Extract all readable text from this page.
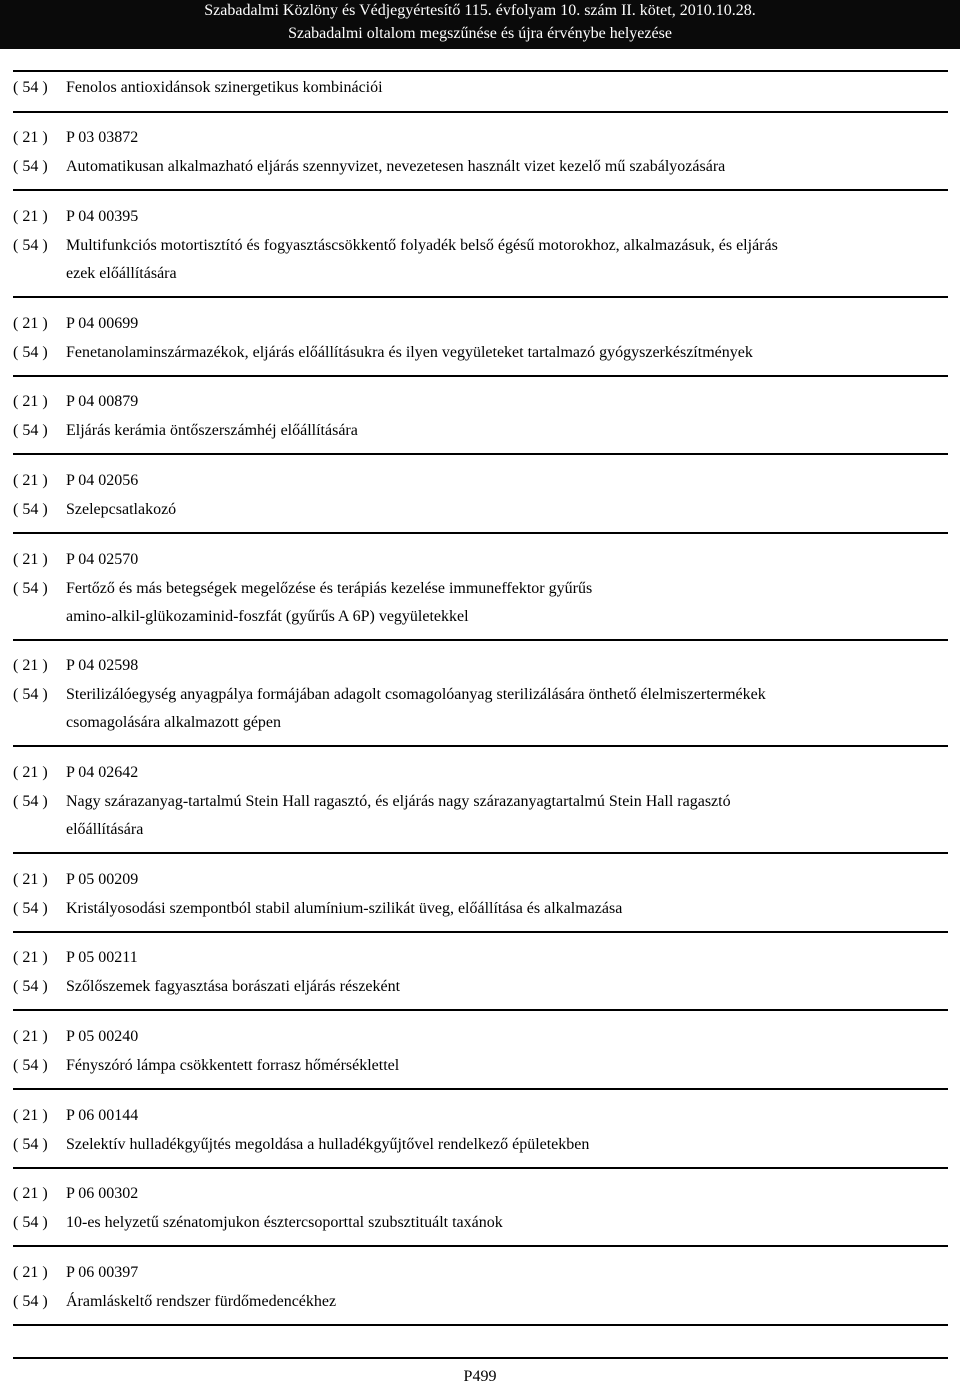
Szabadalmi Közlöny és Védjegyértesítő 115. évfolyam 10. szám II. kötet, 2010.10.28.
Szabadalmi oltalom megszűnése és újra érvénybe helyezése
( 54 ) Fenolos antioxidánsok szinergetikus kombinációi
( 21 ) P 03 03872
( 54 ) Automatikusan alkalmazható eljárás szennyvizet, nevezetesen használt vizet kezelő mű szabályozására
( 21 ) P 04 00395
( 54 ) Multifunkciós motortisztító és fogyasztáscsökkentő folyadék belső égésű motorokhoz, alkalmazásuk, és eljárás
ezek előállítására
( 21 ) P 04 00699
( 54 ) Fenetanolaminszármazékok, eljárás előállításukra és ilyen vegyületeket tartalmazó gyógyszerkészítmények
( 21 ) P 04 00879
( 54 ) Eljárás kerámia öntőszerszámhéj előállítására
( 21 ) P 04 02056
( 54 ) Szelepcsatlakozó
( 21 ) P 04 02570
( 54 ) Fertőző és más betegségek megelőzése és terápiás kezelése immuneffektor gyűrűs
amino-alkil-glükozaminid-foszfát (gyűrűs A 6P) vegyületekkel
( 21 ) P 04 02598
( 54 ) Sterilizálóegység anyagpálya formájában adagolt csomagolóanyag sterilizálására önthető élelmiszertermékek
csomagolására alkalmazott gépen
( 21 ) P 04 02642
( 54 ) Nagy szárazanyag-tartalmú Stein Hall ragasztó, és eljárás nagy szárazanyagtartalmú Stein Hall ragasztó
előállítására
( 21 ) P 05 00209
( 54 ) Kristályosodási szempontból stabil alumínium-szilikát üveg, előállítása és alkalmazása
( 21 ) P 05 00211
( 54 ) Szőlőszemek fagyasztása borászati eljárás részeként
( 21 ) P 05 00240
( 54 ) Fényszóró lámpa csökkentett forrasz hőmérséklettel
( 21 ) P 06 00144
( 54 ) Szelektív hulladékgyűjtés megoldása a hulladékgyűjtővel rendelkező épületekben
( 21 ) P 06 00302
( 54 ) 10-es helyzetű szénatomjukon észtercsoporttal szubsztituált taxánok
( 21 ) P 06 00397
( 54 ) Áramláskeltő rendszer fürdőmedencékhez
P499
